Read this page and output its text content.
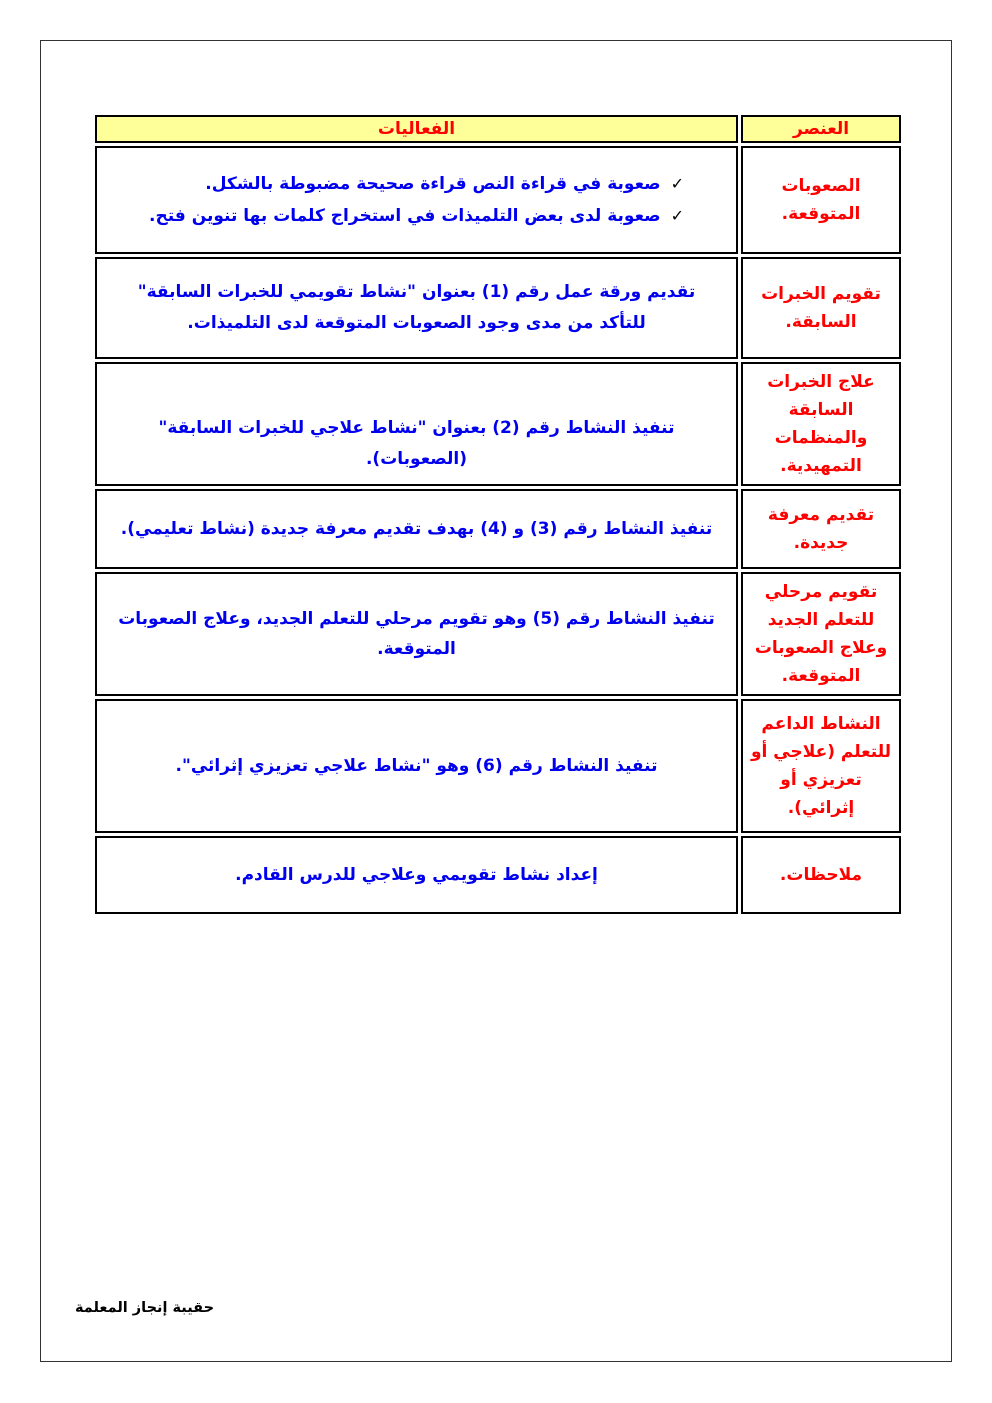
العنصر	الفعاليات
الصعوبات المتوقعة.	✓صعوبة في قراءة النص قراءة صحيحة مضبوطة بالشكل.
✓صعوبة لدى بعض التلميذات في استخراج كلمات بها تنوين فتح.

تقويم الخبرات السابقة.	تقديم ورقة عمل رقم (1) بعنوان "نشاط تقويمي للخبرات السابقة" للتأكد من مدى وجود الصعوبات المتوقعة لدى التلميذات.
علاج الخبرات السابقة والمنظمات التمهيدية.	تنفيذ النشاط رقم (2) بعنوان "نشاط علاجي للخبرات السابقة" (الصعوبات).
تقديم معرفة جديدة.	تنفيذ النشاط رقم (3) و (4) بهدف تقديم معرفة جديدة (نشاط تعليمي).
تقويم مرحلي للتعلم الجديد وعلاج الصعوبات المتوقعة.	تنفيذ النشاط رقم (5) وهو تقويم مرحلي للتعلم الجديد، وعلاج الصعوبات المتوقعة.
النشاط الداعم للتعلم (علاجي أو تعزيزي أو إثرائي).	تنفيذ النشاط رقم (6) وهو "نشاط علاجي تعزيزي إثرائي".
ملاحظات.	إعداد نشاط تقويمي وعلاجي للدرس القادم.
حقيبة إنجاز المعلمة
